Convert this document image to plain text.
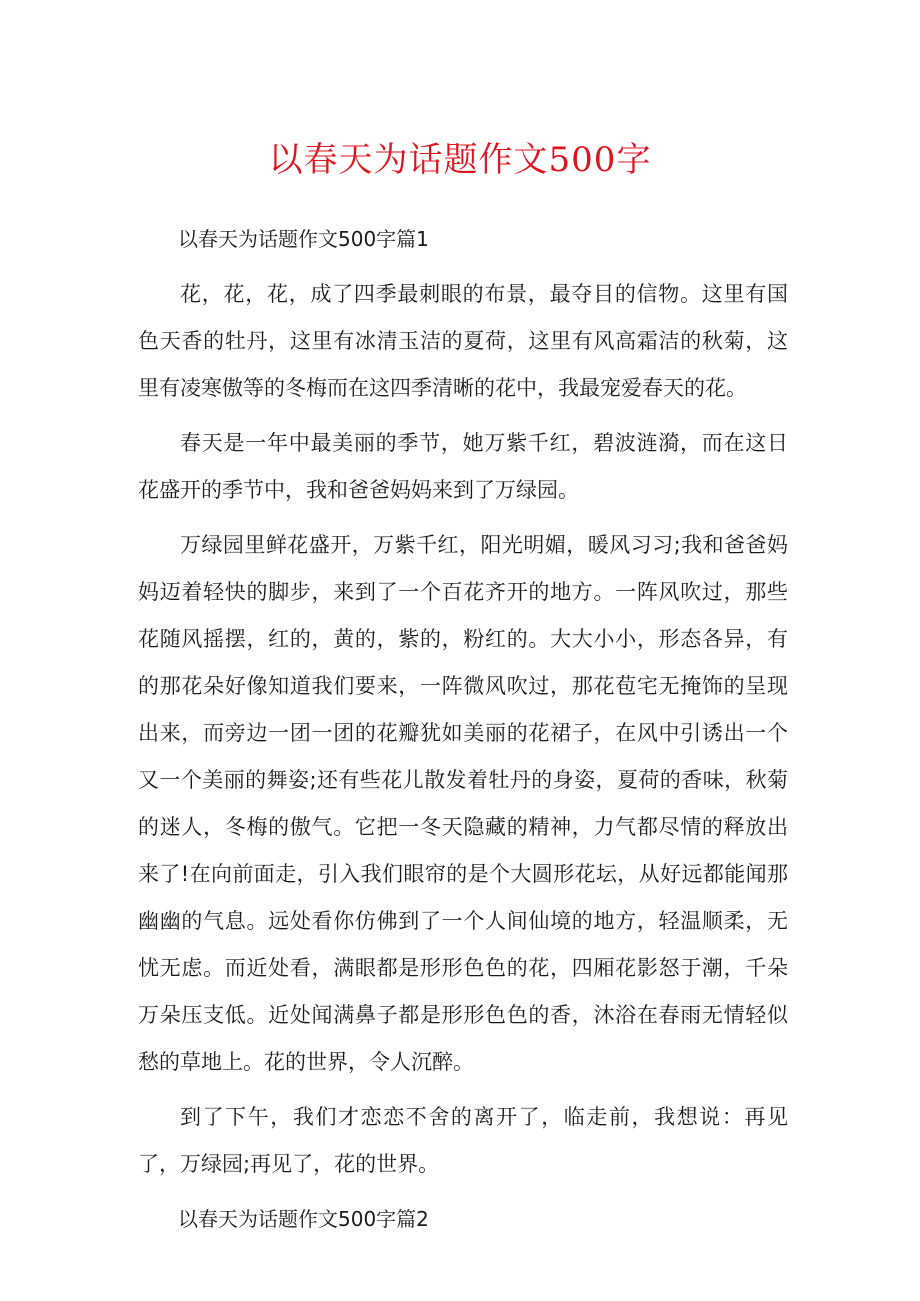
以春天为话题作文500字

以春天为话题作文500字篇1

花，花，花，成了四季最刺眼的布景，最夺目的信物。这里有国色天香的牡丹，这里有冰清玉洁的夏荷，这里有风高霜洁的秋菊，这里有凌寒傲等的冬梅而在这四季清晰的花中，我最宠爱春天的花。

春天是一年中最美丽的季节，她万紫千红，碧波涟漪，而在这日花盛开的季节中，我和爸爸妈妈来到了万绿园。

万绿园里鲜花盛开，万紫千红，阳光明媚，暖风习习;我和爸爸妈妈迈着轻快的脚步，来到了一个百花齐开的地方。一阵风吹过，那些花随风摇摆，红的，黄的，紫的，粉红的。大大小小，形态各异，有的那花朵好像知道我们要来，一阵微风吹过，那花苞宅无掩饰的呈现出来，而旁边一团一团的花瓣犹如美丽的花裙子，在风中引诱出一个又一个美丽的舞姿;还有些花儿散发着牡丹的身姿，夏荷的香味，秋菊的迷人，冬梅的傲气。它把一冬天隐藏的精神，力气都尽情的释放出来了!在向前面走，引入我们眼帘的是个大圆形花坛，从好远都能闻那幽幽的气息。远处看你仿佛到了一个人间仙境的地方，轻温顺柔，无忧无虑。而近处看，满眼都是形形色色的花，四厢花影怒于潮，千朵万朵压支低。近处闻满鼻子都是形形色色的香，沐浴在春雨无情轻似愁的草地上。花的世界，令人沉醉。

到了下午，我们才恋恋不舍的离开了，临走前，我想说：再见了，万绿园;再见了，花的世界。

以春天为话题作文500字篇2
